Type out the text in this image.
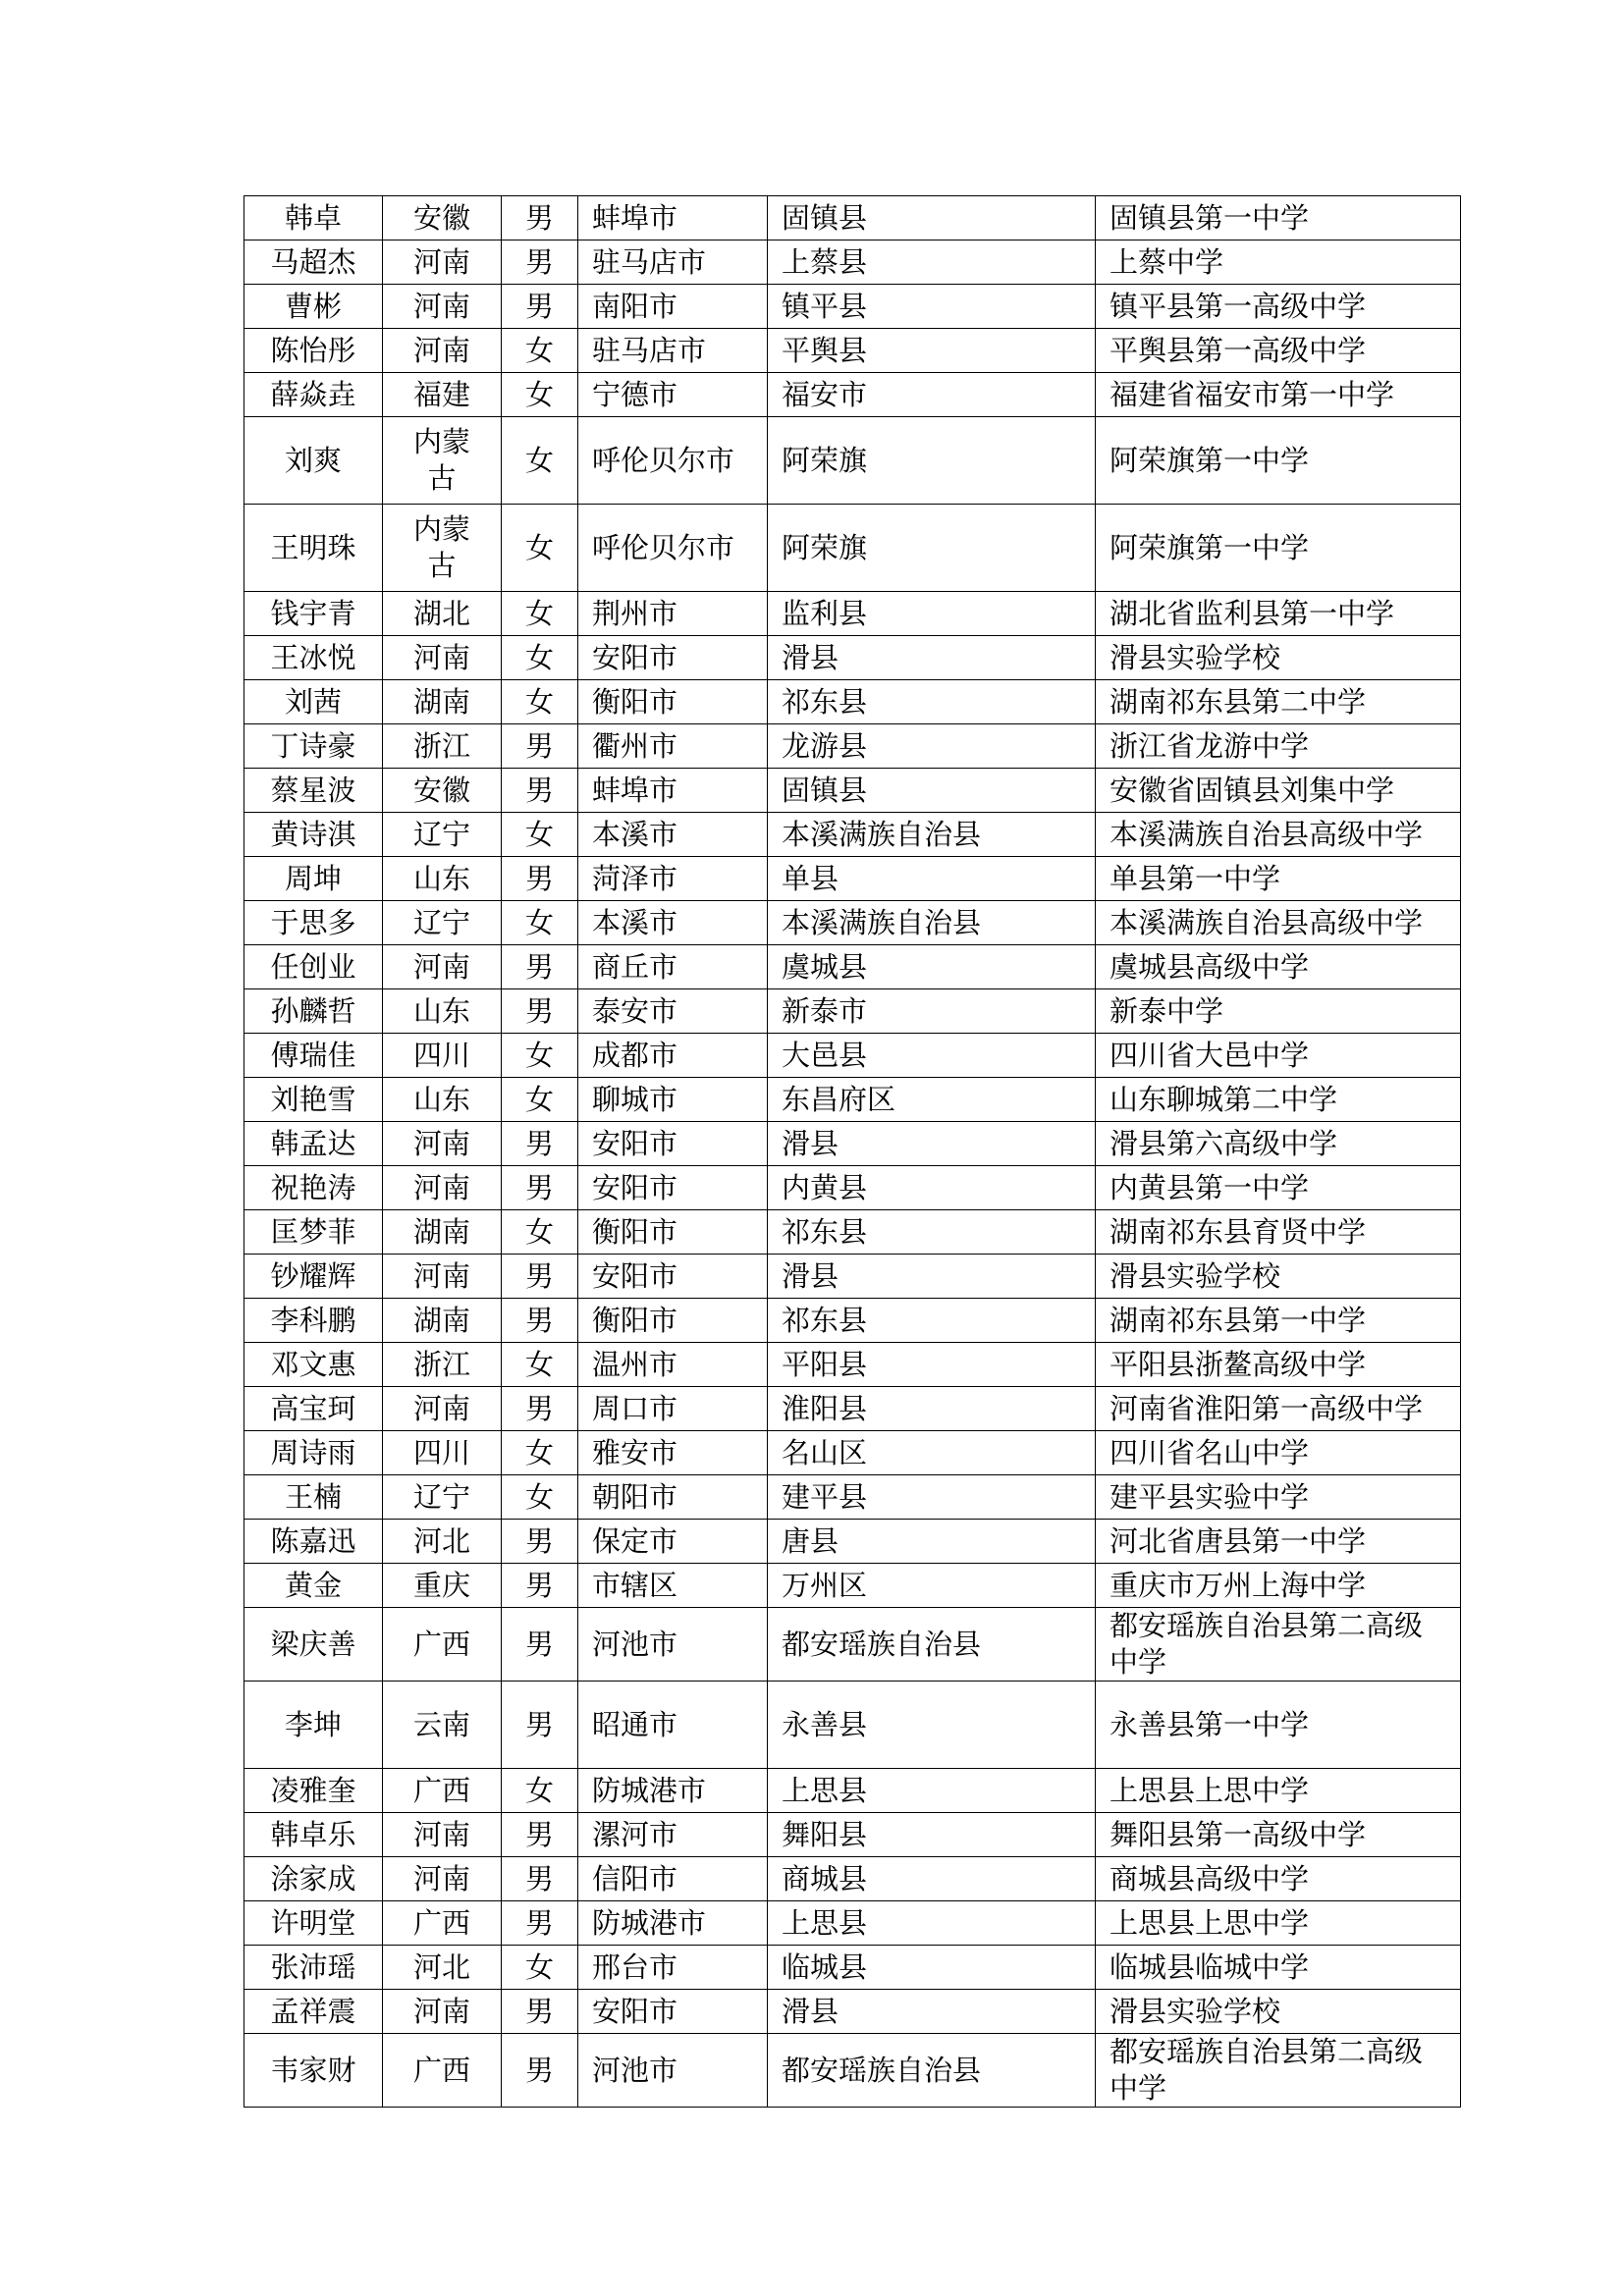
韩卓	安徽	男	蚌埠市	固镇县	固镇县第一中学
马超杰	河南	男	驻马店市	上蔡县	上蔡中学
曹彬	河南	男	南阳市	镇平县	镇平县第一高级中学
陈怡彤	河南	女	驻马店市	平舆县	平舆县第一高级中学
薛焱垚	福建	女	宁德市	福安市	福建省福安市第一中学
刘爽	内蒙古	女	呼伦贝尔市	阿荣旗	阿荣旗第一中学
王明珠	内蒙古	女	呼伦贝尔市	阿荣旗	阿荣旗第一中学
钱宇青	湖北	女	荆州市	监利县	湖北省监利县第一中学
王冰悦	河南	女	安阳市	滑县	滑县实验学校
刘茜	湖南	女	衡阳市	祁东县	湖南祁东县第二中学
丁诗豪	浙江	男	衢州市	龙游县	浙江省龙游中学
蔡星波	安徽	男	蚌埠市	固镇县	安徽省固镇县刘集中学
黄诗淇	辽宁	女	本溪市	本溪满族自治县	本溪满族自治县高级中学
周坤	山东	男	菏泽市	单县	单县第一中学
于思多	辽宁	女	本溪市	本溪满族自治县	本溪满族自治县高级中学
任创业	河南	男	商丘市	虞城县	虞城县高级中学
孙麟哲	山东	男	泰安市	新泰市	新泰中学
傅瑞佳	四川	女	成都市	大邑县	四川省大邑中学
刘艳雪	山东	女	聊城市	东昌府区	山东聊城第二中学
韩孟达	河南	男	安阳市	滑县	滑县第六高级中学
祝艳涛	河南	男	安阳市	内黄县	内黄县第一中学
匡梦菲	湖南	女	衡阳市	祁东县	湖南祁东县育贤中学
钞耀辉	河南	男	安阳市	滑县	滑县实验学校
李科鹏	湖南	男	衡阳市	祁东县	湖南祁东县第一中学
邓文惠	浙江	女	温州市	平阳县	平阳县浙鳌高级中学
高宝珂	河南	男	周口市	淮阳县	河南省淮阳第一高级中学
周诗雨	四川	女	雅安市	名山区	四川省名山中学
王楠	辽宁	女	朝阳市	建平县	建平县实验中学
陈嘉迅	河北	男	保定市	唐县	河北省唐县第一中学
黄金	重庆	男	市辖区	万州区	重庆市万州上海中学
梁庆善	广西	男	河池市	都安瑶族自治县	都安瑶族自治县第二高级中学
李坤	云南	男	昭通市	永善县	永善县第一中学
凌雅奎	广西	女	防城港市	上思县	上思县上思中学
韩卓乐	河南	男	漯河市	舞阳县	舞阳县第一高级中学
涂家成	河南	男	信阳市	商城县	商城县高级中学
许明堂	广西	男	防城港市	上思县	上思县上思中学
张沛瑶	河北	女	邢台市	临城县	临城县临城中学
孟祥震	河南	男	安阳市	滑县	滑县实验学校
韦家财	广西	男	河池市	都安瑶族自治县	都安瑶族自治县第二高级中学
